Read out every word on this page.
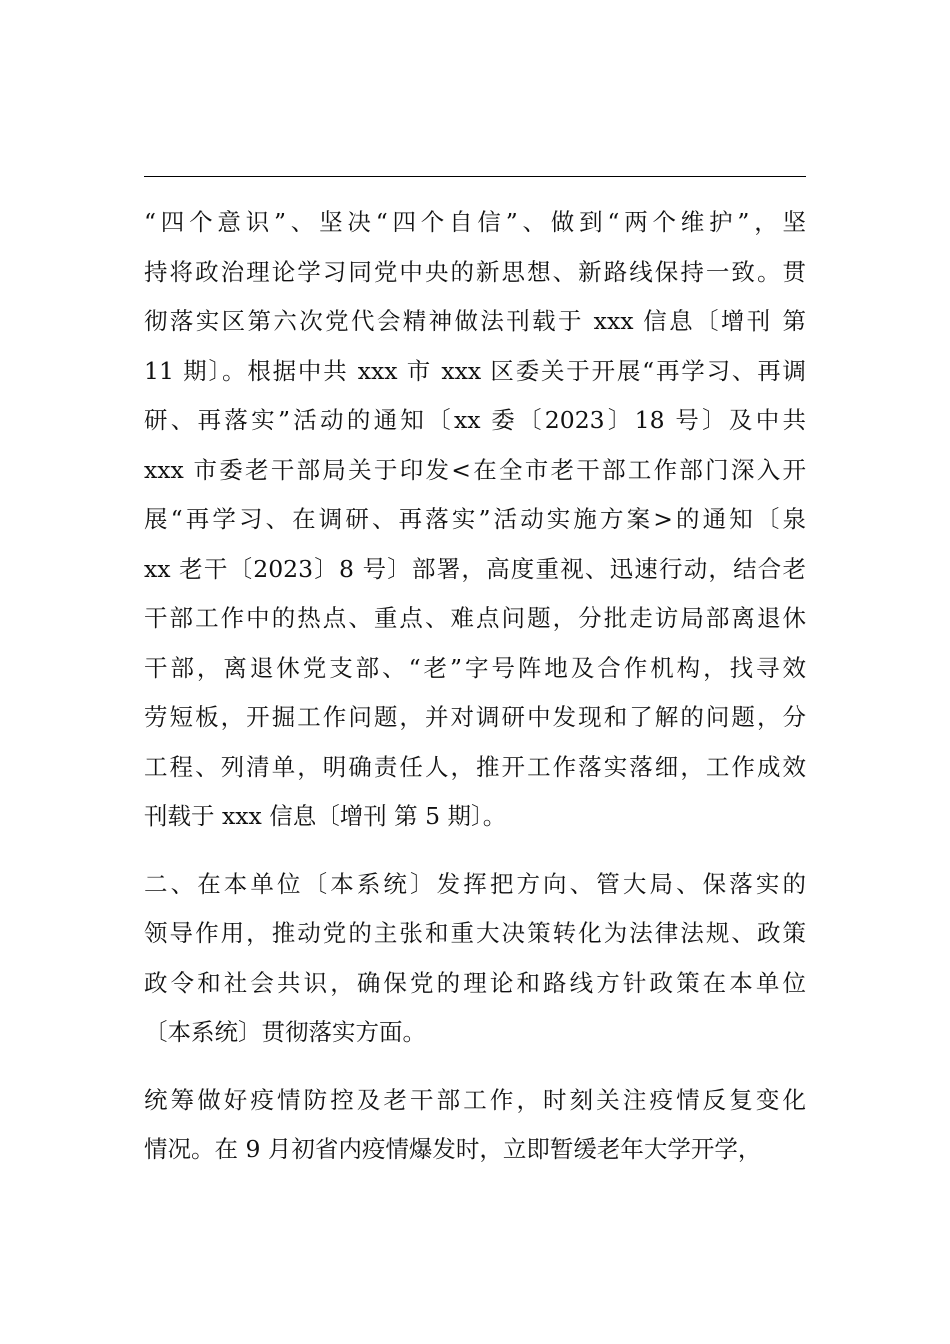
“四个意识”、坚决“四个自信”、做到“两个维护”，坚
持将政治理论学习同党中央的新思想、新路线保持一致。贯
彻落实区第六次党代会精神做法刊载于 xxx 信息〔增刊 第
11 期〕。根据中共 xxx 市 xxx 区委关于开展“再学习、再调
研、再落实”活动的通知〔xx 委〔2023〕18 号〕及中共
xxx 市委老干部局关于印发<在全市老干部工作部门深入开
展“再学习、在调研、再落实”活动实施方案>的通知〔泉
xx 老干〔2023〕8 号〕部署，高度重视、迅速行动，结合老
干部工作中的热点、重点、难点问题，分批走访局部离退休
干部，离退休党支部、“老”字号阵地及合作机构，找寻效
劳短板，开掘工作问题，并对调研中发现和了解的问题，分
工程、列清单，明确责任人，推开工作落实落细，工作成效
刊载于 xxx 信息〔增刊 第 5 期〕。
二、在本单位〔本系统〕发挥把方向、管大局、保落实的
领导作用，推动党的主张和重大决策转化为法律法规、政策
政令和社会共识，确保党的理论和路线方针政策在本单位
〔本系统〕贯彻落实方面。
统筹做好疫情防控及老干部工作，时刻关注疫情反复变化
情况。在 9 月初省内疫情爆发时，立即暂缓老年大学开学，
